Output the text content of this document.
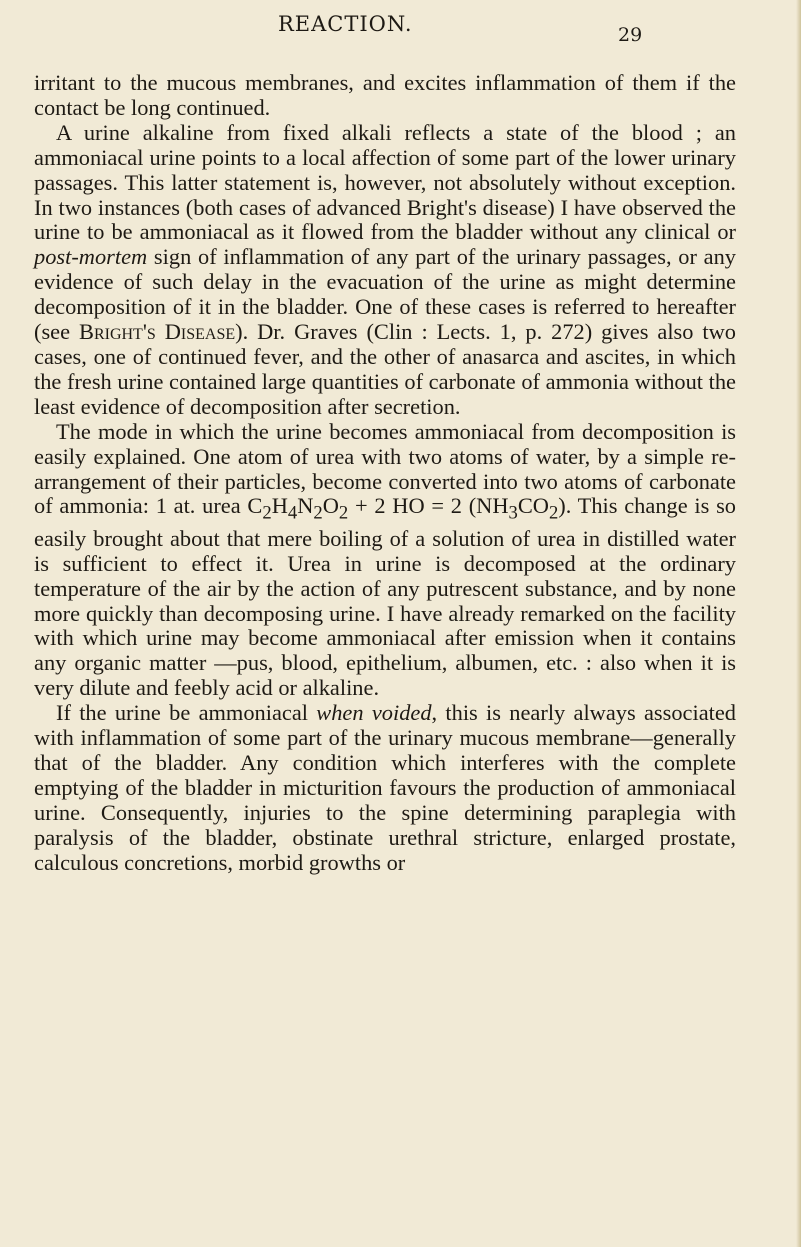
REACTION.	29

irritant to the mucous membranes, and excites inflammation of them if the contact be long continued.

A urine alkaline from fixed alkali reflects a state of the blood ; an ammoniacal urine points to a local affection of some part of the lower urinary passages. This latter statement is, however, not absolutely without exception. In two instances (both cases of advanced Bright's disease) I have observed the urine to be ammoniacal as it flowed from the bladder without any clinical or post-mortem sign of inflammation of any part of the urinary passages, or any evidence of such delay in the evacuation of the urine as might determine decomposition of it in the bladder. One of these cases is referred to hereafter (see Bright's Disease). Dr. Graves (Clin : Lects. 1, p. 272) gives also two cases, one of continued fever, and the other of anasarca and ascites, in which the fresh urine contained large quantities of carbonate of ammonia without the least evidence of decomposition after secretion.

The mode in which the urine becomes ammoniacal from decomposition is easily explained. One atom of urea with two atoms of water, by a simple re-arrangement of their particles, become converted into two atoms of carbonate of ammonia: 1 at. urea $C_2H_4N_2O_2 + 2$ HO = 2 $(NH_3CO_2)$. This change is so easily brought about that mere boiling of a solution of urea in distilled water is sufficient to effect it. Urea in urine is decomposed at the ordinary temperature of the air by the action of any putrescent substance, and by none more quickly than decomposing urine. I have already remarked on the facility with which urine may become ammoniacal after emission when it contains any organic matter —pus, blood, epithelium, albumen, etc. : also when it is very dilute and feebly acid or alkaline.

If the urine be ammoniacal when voided, this is nearly always associated with inflammation of some part of the urinary mucous membrane—generally that of the bladder. Any condition which interferes with the complete emptying of the bladder in micturition favours the production of ammoniacal urine. Consequently, injuries to the spine determining paraplegia with paralysis of the bladder, obstinate urethral stricture, enlarged prostate, calculous concretions, morbid growths or
